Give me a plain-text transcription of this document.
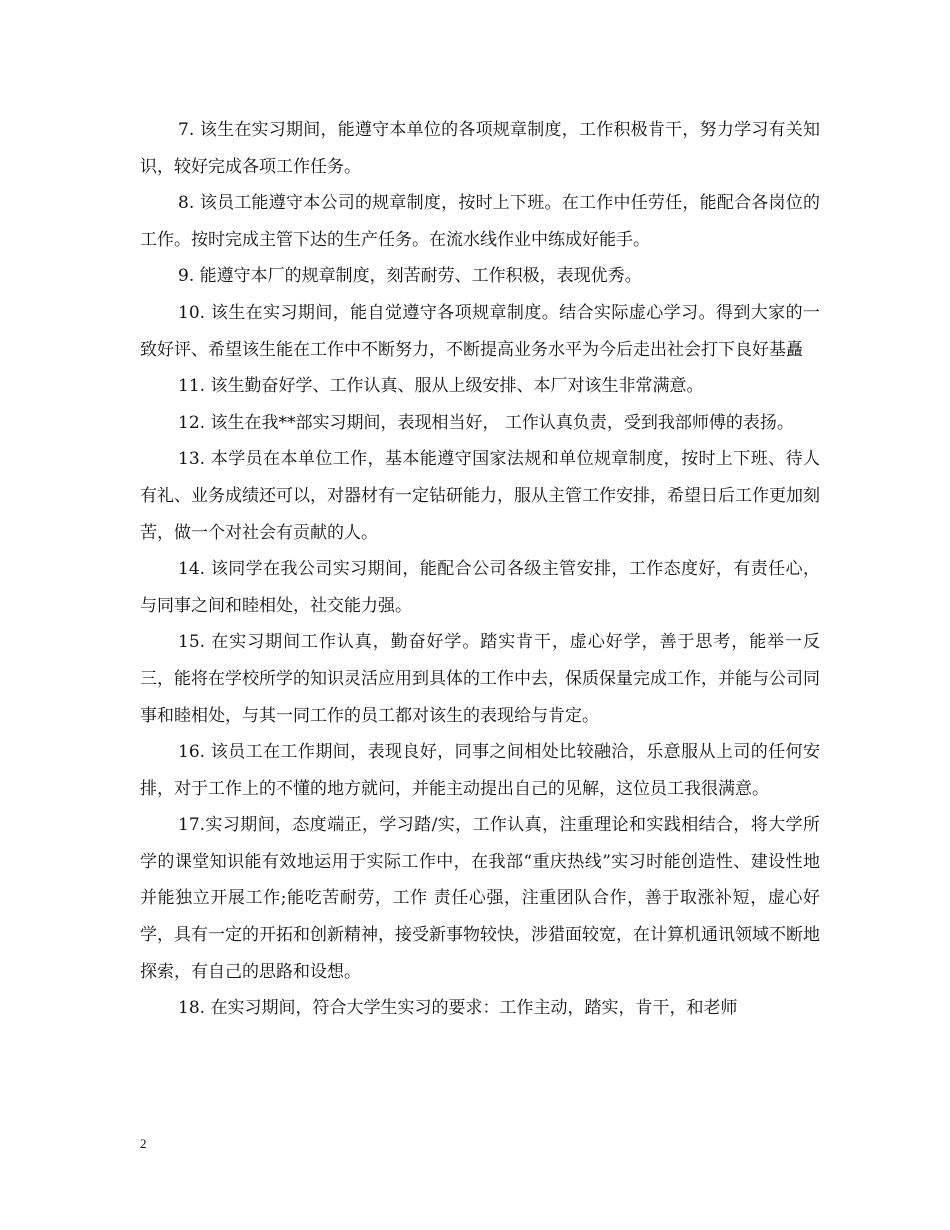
7. 该生在实习期间，能遵守本单位的各项规章制度，工作积极肯干，努力学习有关知识，较好完成各项工作任务。

8. 该员工能遵守本公司的规章制度，按时上下班。在工作中任劳任，能配合各岗位的工作。按时完成主管下达的生产任务。在流水线作业中练成好能手。

9. 能遵守本厂的规章制度，刻苦耐劳、工作积极，表现优秀。

10. 该生在实习期间，能自觉遵守各项规章制度。结合实际虚心学习。得到大家的一致好评、希望该生能在工作中不断努力，不断提高业务水平为今后走出社会打下良好基矗

11. 该生勤奋好学、工作认真、服从上级安排、本厂对该生非常满意。

12. 该生在我**部实习期间，表现相当好， 工作认真负责，受到我部师傅的表扬。

13. 本学员在本单位工作，基本能遵守国家法规和单位规章制度，按时上下班、待人有礼、业务成绩还可以，对器材有一定钻研能力，服从主管工作安排，希望日后工作更加刻苦，做一个对社会有贡献的人。

14. 该同学在我公司实习期间，能配合公司各级主管安排，工作态度好，有责任心，与同事之间和睦相处，社交能力强。

15. 在实习期间工作认真，勤奋好学。踏实肯干，虚心好学，善于思考，能举一反三，能将在学校所学的知识灵活应用到具体的工作中去，保质保量完成工作，并能与公司同事和睦相处，与其一同工作的员工都对该生的表现给与肯定。

16. 该员工在工作期间，表现良好，同事之间相处比较融洽，乐意服从上司的任何安排，对于工作上的不懂的地方就问，并能主动提出自己的见解，这位员工我很满意。

17.实习期间，态度端正，学习踏/实，工作认真，注重理论和实践相结合，将大学所学的课堂知识能有效地运用于实际工作中，在我部“重庆热线”实习时能创造性、建设性地并能独立开展工作;能吃苦耐劳，工作 责任心强，注重团队合作，善于取涨补短，虚心好学，具有一定的开拓和创新精神，接受新事物较快，涉猎面较宽，在计算机通讯领域不断地探索，有自己的思路和设想。

18. 在实习期间，符合大学生实习的要求：工作主动，踏实，肯干，和老师

2
